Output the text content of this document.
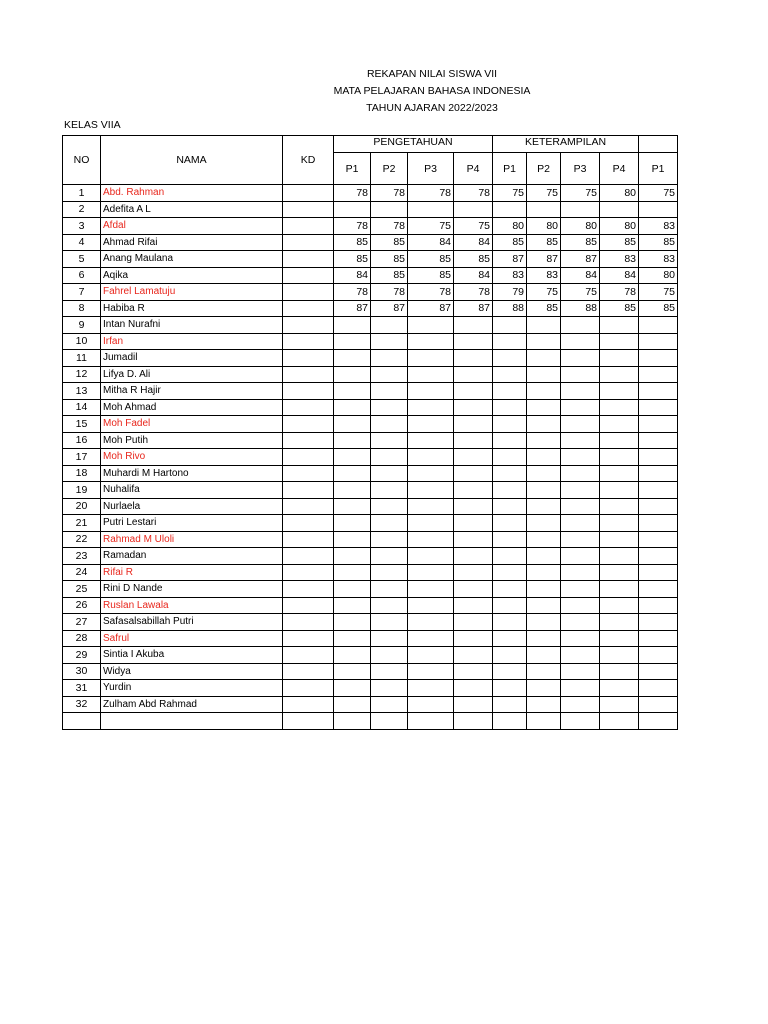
REKAPAN NILAI SISWA VII
MATA PELAJARAN BAHASA INDONESIA
TAHUN AJARAN 2022/2023
KELAS VIIA
NO	NAMA	KD	PENGETAHUAN				KETERAMPILAN				
			P1	P2	P3	P4	P1	P2	P3	P4	P1
1	Abd. Rahman		78	78	78	78	75	75	75	80	75
2	Adefita A L										
3	Afdal		78	78	75	75	80	80	80	80	83
4	Ahmad Rifai		85	85	84	84	85	85	85	85	85
5	Anang Maulana		85	85	85	85	87	87	87	83	83
6	Aqika		84	85	85	84	83	83	84	84	80
7	Fahrel Lamatuju		78	78	78	78	79	75	75	78	75
8	Habiba R		87	87	87	87	88	85	88	85	85
9	Intan Nurafni										
10	Irfan										
11	Jumadil										
12	Lifya D. Ali										
13	Mitha R Hajir										
14	Moh Ahmad										
15	Moh Fadel										
16	Moh Putih										
17	Moh Rivo										
18	Muhardi M Hartono										
19	Nuhalifa										
20	Nurlaela										
21	Putri Lestari										
22	Rahmad M Uloli										
23	Ramadan										
24	Rifai R										
25	Rini D Nande										
26	Ruslan Lawala										
27	Safasalsabillah Putri										
28	Safrul										
29	Sintia I Akuba										
30	Widya										
31	Yurdin										
32	Zulham Abd Rahmad										
